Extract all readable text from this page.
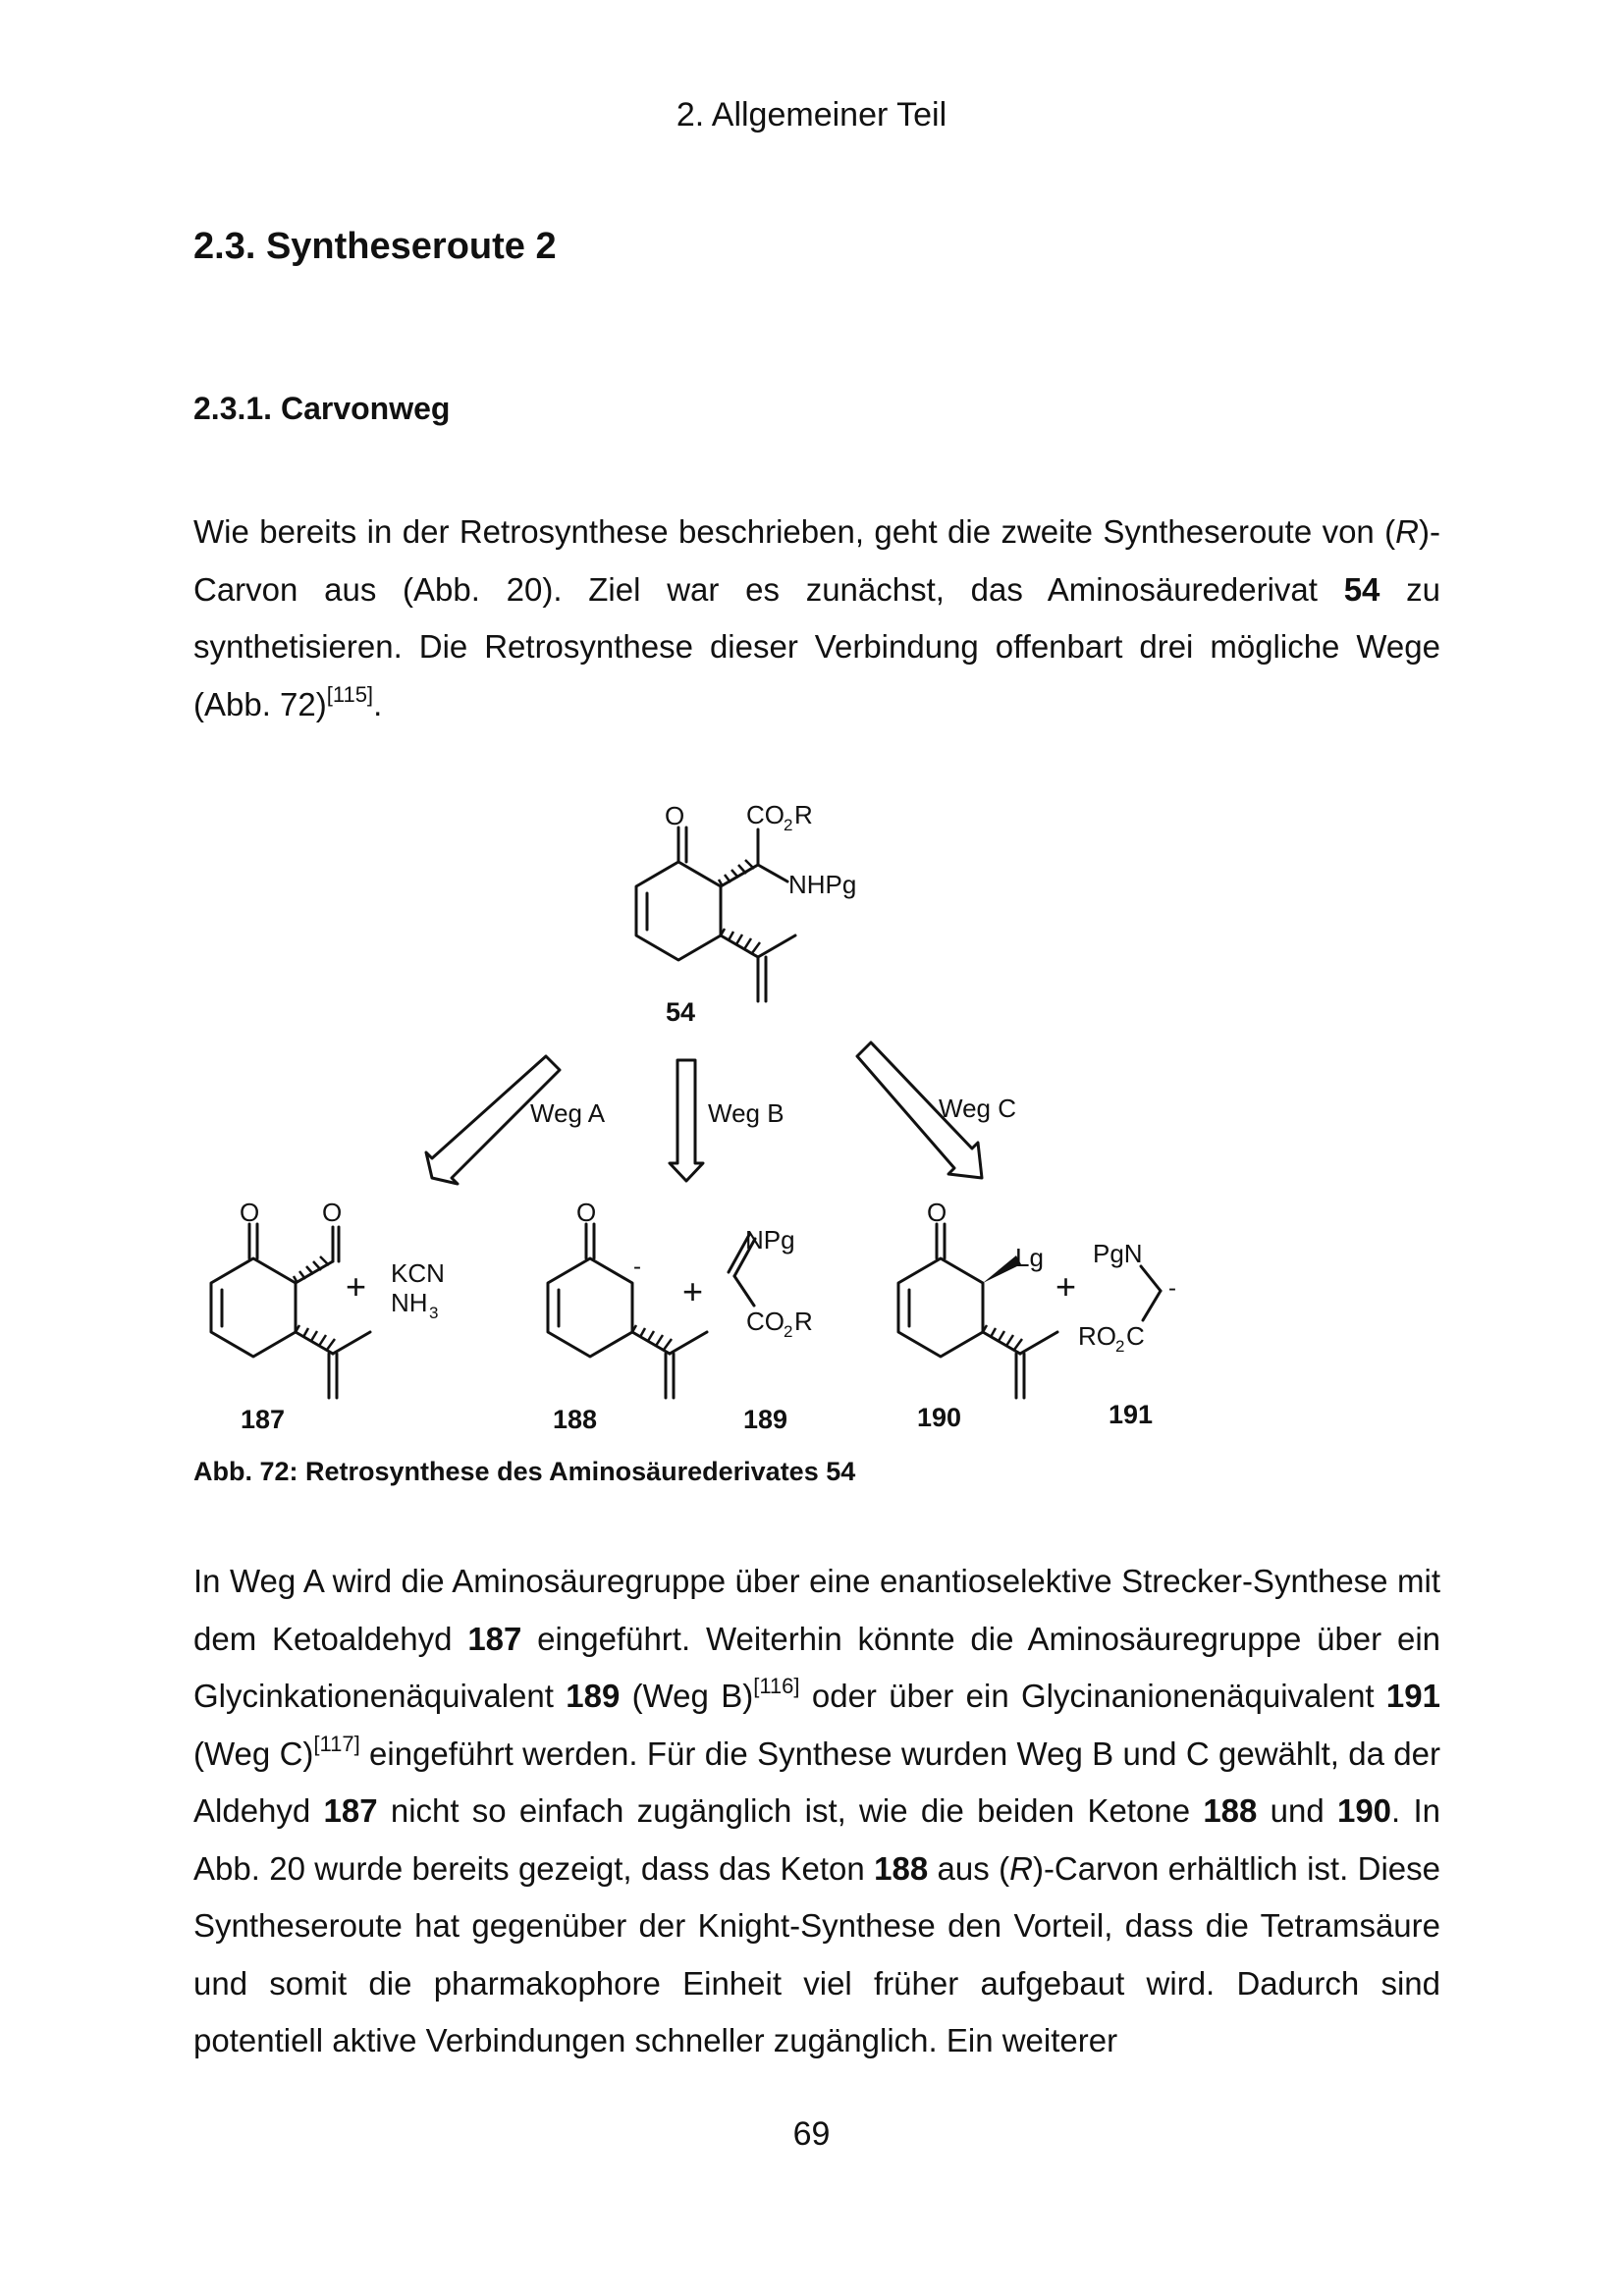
2. Allgemeiner Teil
2.3. Syntheseroute 2
2.3.1. Carvonweg

Wie bereits in der Retrosynthese beschrieben, geht die zweite Syntheseroute von (R)-Carvon aus (Abb. 20). Ziel war es zunächst, das Aminosäurederivat 54 zu synthetisieren. Die Retrosynthese dieser Verbindung offenbart drei mögliche Wege (Abb. 72)[115].

O CO 2 R
NHPg
54
Weg A	Weg B	Weg C
O O
+ KCN
NH 3
187
O
-
+
188
NPg
CO 2 R
189
O
Lg
+
190
PgN
-
RO 2 C
191
Abb. 72: Retrosynthese des Aminosäurederivates 54

In Weg A wird die Aminosäuregruppe über eine enantioselektive Strecker-Synthese mit dem Ketoaldehyd 187 eingeführt. Weiterhin könnte die Aminosäuregruppe über ein Glycinkationenäquivalent 189 (Weg B)[116] oder über ein Glycinanionenäquivalent 191 (Weg C)[117] eingeführt werden. Für die Synthese wurden Weg B und C gewählt, da der Aldehyd 187 nicht so einfach zugänglich ist, wie die beiden Ketone 188 und 190. In Abb. 20 wurde bereits gezeigt, dass das Keton 188 aus (R)-Carvon erhältlich ist. Diese Syntheseroute hat gegenüber der Knight-Synthese den Vorteil, dass die Tetramsäure und somit die pharmakophore Einheit viel früher aufgebaut wird. Dadurch sind potentiell aktive Verbindungen schneller zugänglich. Ein weiterer

69
